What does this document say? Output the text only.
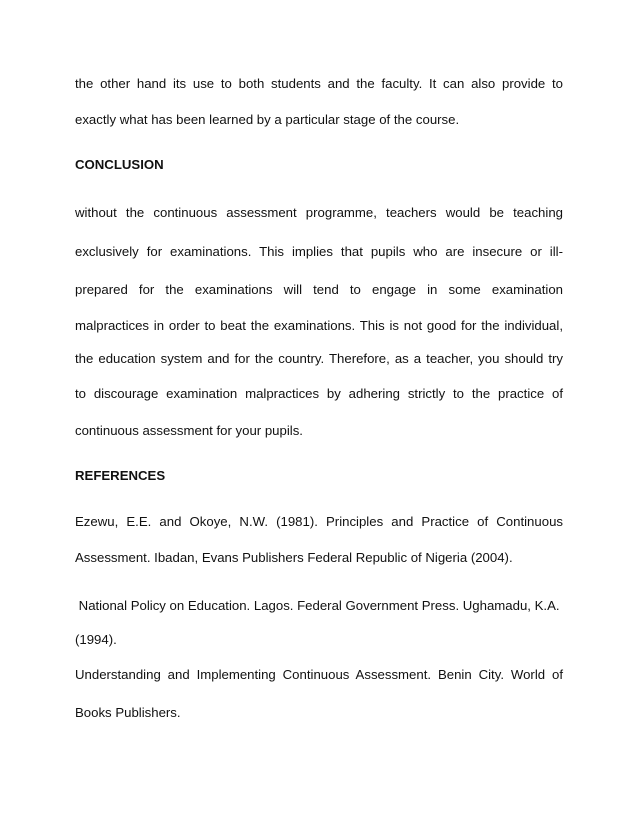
the other hand its use to both students and the faculty. It can also provide to
exactly what has been learned by a particular stage of the course.
CONCLUSION
without the continuous assessment programme, teachers would be teaching
exclusively for examinations. This implies that pupils who are insecure or ill-
prepared for the examinations will tend to engage in some examination
malpractices in order to beat the examinations. This is not good for the individual,
the education system and for the country. Therefore, as a teacher, you should try
to discourage examination malpractices by adhering strictly to the practice of
continuous assessment for your pupils.
REFERENCES
Ezewu, E.E. and Okoye, N.W. (1981). Principles and Practice of Continuous
Assessment. Ibadan, Evans Publishers Federal Republic of Nigeria (2004).
National Policy on Education. Lagos. Federal Government Press. Ughamadu, K.A.
(1994).
Understanding and Implementing Continuous Assessment. Benin City. World of
Books Publishers.
